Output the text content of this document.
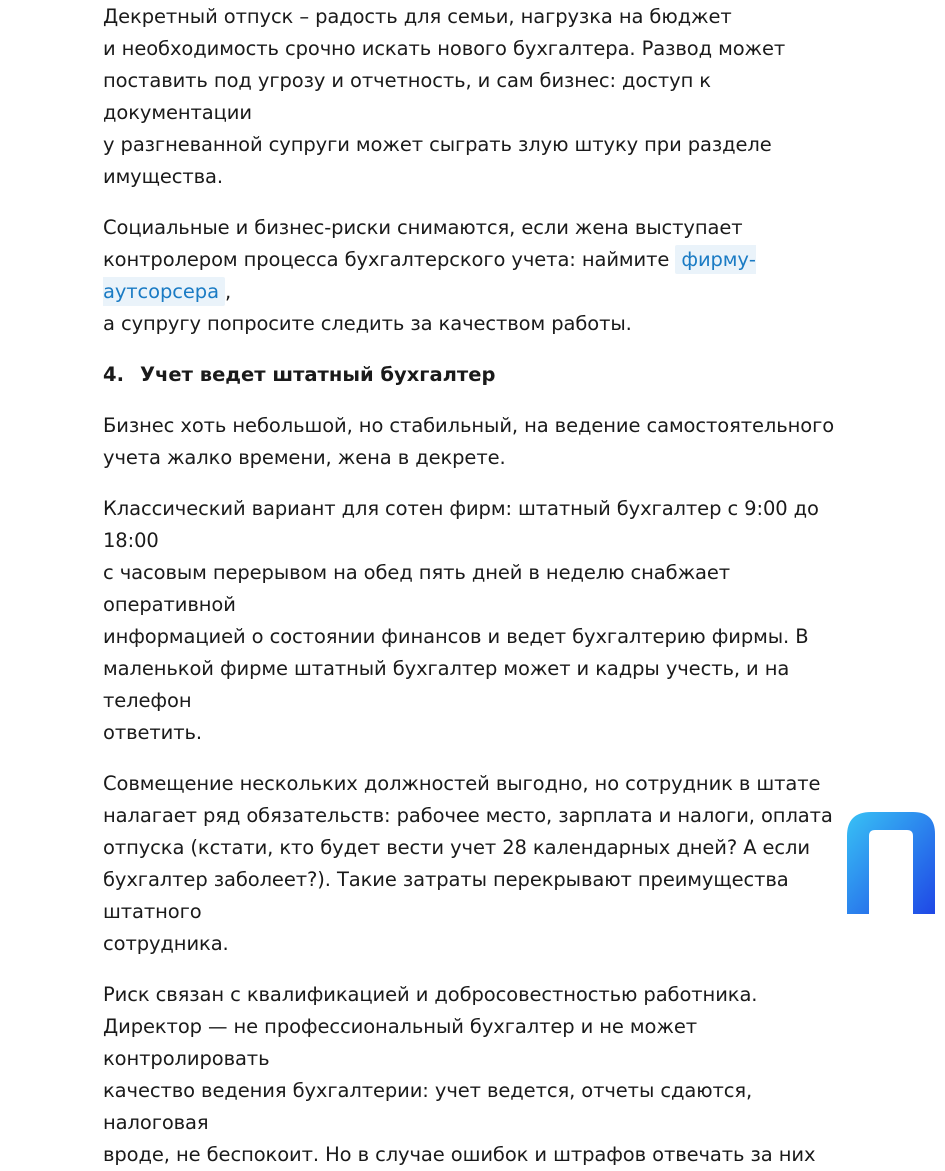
Декретный отпуск – радость для семьи, нагрузка на бюджет
и необходимость срочно искать нового бухгалтера. Развод может
поставить под угрозу и отчетность, и сам бизнес: доступ к документации
у разгневанной супруги может сыграть злую штуку при разделе
имущества.

Социальные и бизнес-риски снимаются, если жена выступает
контролером процесса бухгалтерского учета: наймите фирму-аутсорсера ,
а супругу попросите следить за качеством работы.

4. Учет ведет штатный бухгалтер

Бизнес хоть небольшой, но стабильный, на ведение самостоятельного
учета жалко времени, жена в декрете.

Классический вариант для сотен фирм: штатный бухгалтер с 9:00 до 18:00
с часовым перерывом на обед пять дней в неделю снабжает оперативной
информацией о состоянии финансов и ведет бухгалтерию фирмы. В
маленькой фирме штатный бухгалтер может и кадры учесть, и на телефон
ответить.

Совмещение нескольких должностей выгодно, но сотрудник в штате
налагает ряд обязательств: рабочее место, зарплата и налоги, оплата
отпуска (кстати, кто будет вести учет 28 календарных дней? А если
бухгалтер заболеет?). Такие затраты перекрывают преимущества штатного
сотрудника.

Риск связан с квалификацией и добросовестностью работника.
Директор — не профессиональный бухгалтер и не может контролировать
качество ведения бухгалтерии: учет ведется, отчеты сдаются, налоговая
вроде, не беспокоит. Но в случае ошибок и штрафов отвечать за них
